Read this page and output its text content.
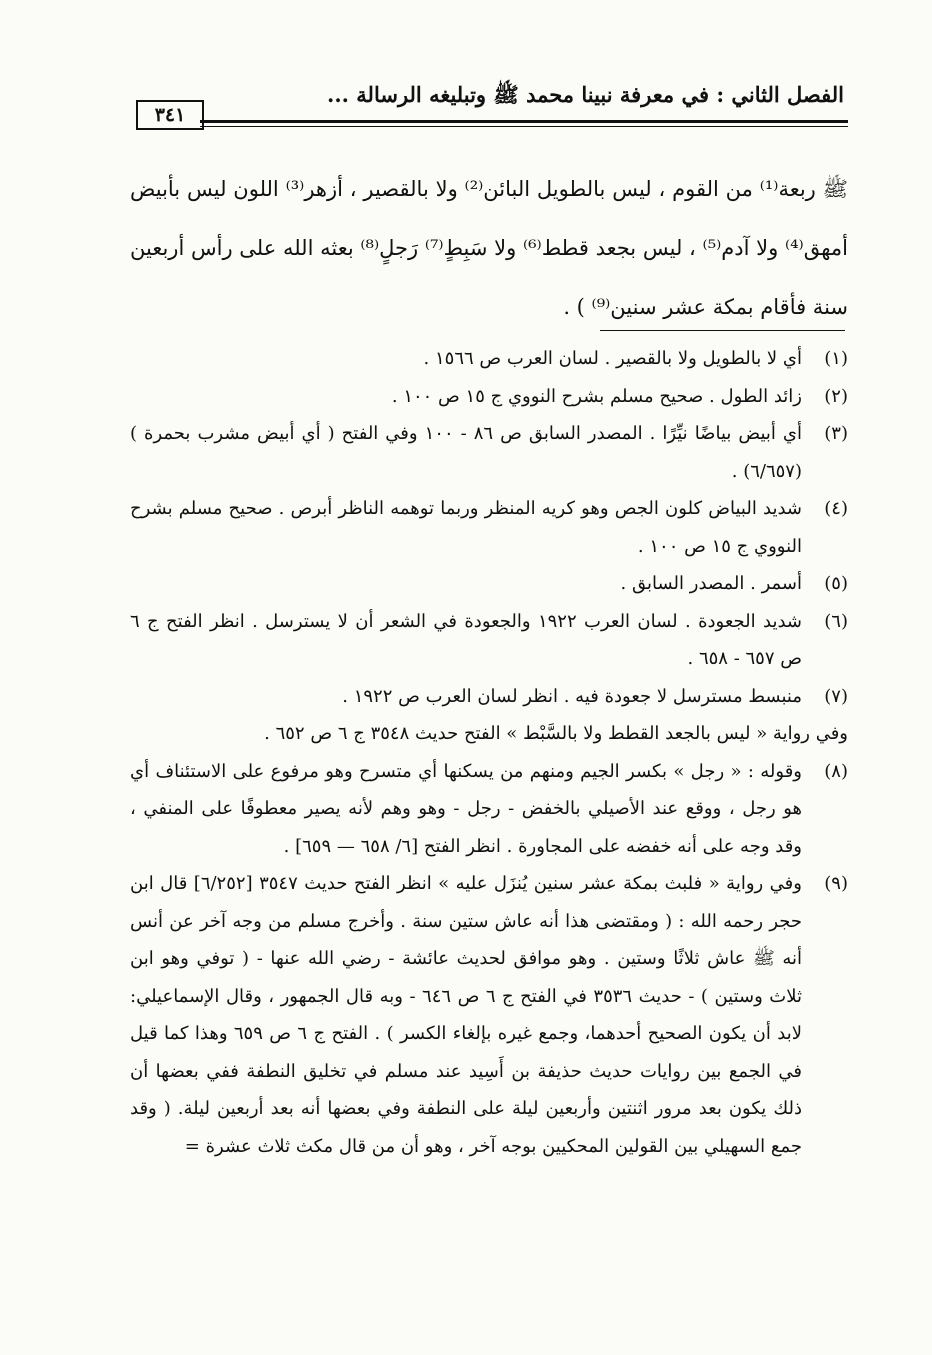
الفصل الثاني : في معرفة نبينا محمد ﷺ وتبليغه الرسالة ...
٣٤١
ﷺ ربعة⁽¹⁾ من القوم ، ليس بالطويل البائن⁽²⁾ ولا بالقصير ، أزهر⁽³⁾ اللون ليس بأبيض أمهق⁽⁴⁾ ولا آدم⁽⁵⁾ ، ليس بجعد قطط⁽⁶⁾ ولا سَبِطٍ⁽⁷⁾ رَجلٍ⁽⁸⁾ بعثه الله على رأس أربعين سنة فأقام بمكة عشر سنين⁽⁹⁾ ) .
(١)
أي لا بالطويل ولا بالقصير . لسان العرب ص ١٥٦٦ .
(٢)
زائد الطول . صحيح مسلم بشرح النووي ج ١٥ ص ١٠٠ .
(٣)
أي أبيض بياضًا نيِّرًا . المصدر السابق ص ٨٦ - ١٠٠ وفي الفتح ( أي أبيض مشرب بحمرة ) (٦/٦٥٧) .
(٤)
شديد البياض كلون الجص وهو كريه المنظر وربما توهمه الناظر أبرص . صحيح مسلم بشرح النووي ج ١٥ ص ١٠٠ .
(٥)
أسمر . المصدر السابق .
(٦)
شديد الجعودة . لسان العرب ١٩٢٢ والجعودة في الشعر أن لا يسترسل . انظر الفتح ج ٦ ص ٦٥٧ - ٦٥٨ .
(٧)
منبسط مسترسل لا جعودة فيه . انظر لسان العرب ص ١٩٢٢ .
وفي رواية « ليس بالجعد القطط ولا بالسَّبْط » الفتح حديث ٣٥٤٨ ج ٦ ص ٦٥٢ .
(٨)
وقوله : « رجل » بكسر الجيم ومنهم من يسكنها أي متسرح وهو مرفوع على الاستئناف أي هو رجل ، ووقع عند الأصيلي بالخفض - رجل - وهو وهم لأنه يصير معطوفًا على المنفي ، وقد وجه على أنه خفضه على المجاورة . انظر الفتح [٦/ ٦٥٨ — ٦٥٩] .
(٩)
وفي رواية « فلبث بمكة عشر سنين يُنزَل عليه » انظر الفتح حديث ٣٥٤٧ [٦/٢٥٢] قال ابن حجر رحمه الله : ( ومقتضى هذا أنه عاش ستين سنة . وأخرج مسلم من وجه آخر عن أنس أنه ﷺ عاش ثلاثًا وستين . وهو موافق لحديث عائشة - رضي الله عنها - ( توفي وهو ابن ثلاث وستين ) - حديث ٣٥٣٦ في الفتح ج ٦ ص ٦٤٦ - وبه قال الجمهور ، وقال الإسماعيلي: لابد أن يكون الصحيح أحدهما، وجمع غيره بإلغاء الكسر ) . الفتح ج ٦ ص ٦٥٩ وهذا كما قيل في الجمع بين روايات حديث حذيفة بن أَسِيد عند مسلم في تخليق النطفة ففي بعضها أن ذلك يكون بعد مرور اثنتين وأربعين ليلة على النطفة وفي بعضها أنه بعد أربعين ليلة. ( وقد جمع السهيلي بين القولين المحكيين بوجه آخر ، وهو أن من قال مكث ثلاث عشرة =
